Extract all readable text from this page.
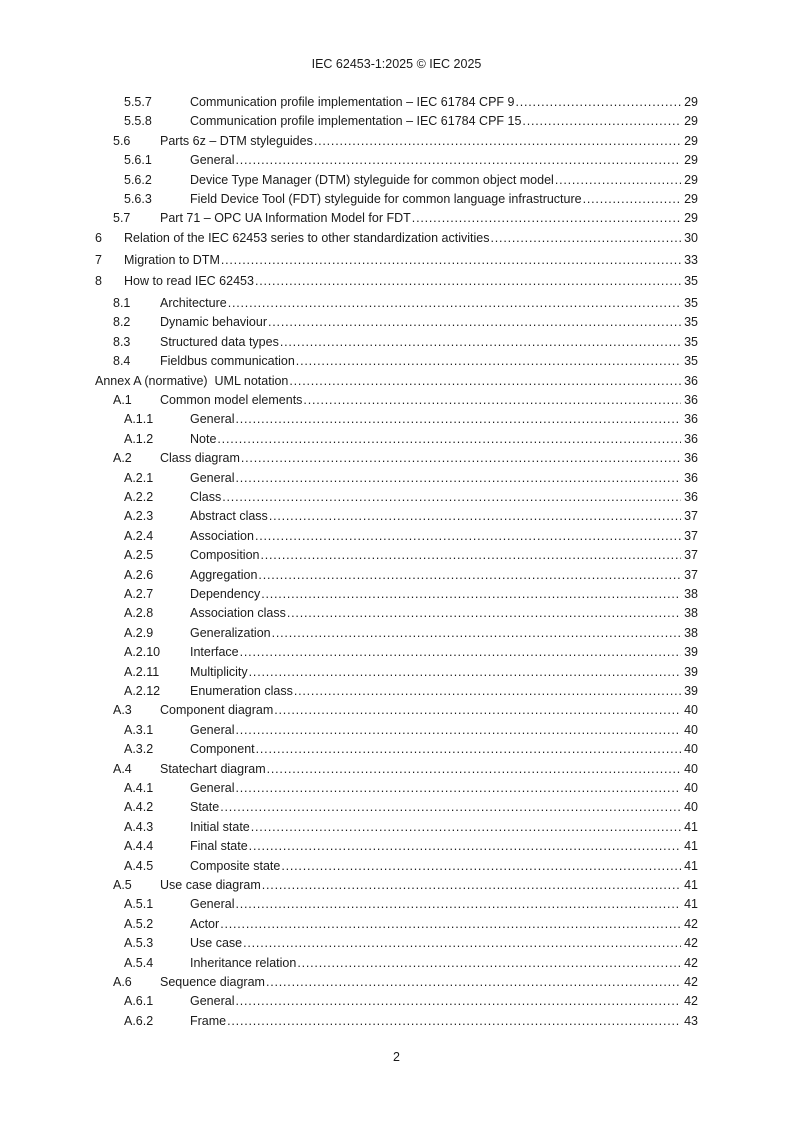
IEC 62453-1:2025 © IEC 2025
5.5.7	Communication profile implementation – IEC 61784 CPF 9 .....	29
5.5.8	Communication profile implementation – IEC 61784 CPF 15 .....	29
5.6 Parts 6z – DTM styleguides .....	29
5.6.1	General .....	29
5.6.2	Device Type Manager (DTM) styleguide for common object model .....	29
5.6.3	Field Device Tool (FDT) styleguide for common language infrastructure .....	29
5.7 Part 71 – OPC UA Information Model for FDT .....	29
6 Relation of the IEC 62453 series to other standardization activities .....	30
7 Migration to DTM .....	33
8 How to read IEC 62453 .....	35
8.1 Architecture .....	35
8.2 Dynamic behaviour .....	35
8.3 Structured data types .....	35
8.4 Fieldbus communication .....	35
Annex A (normative)  UML notation .....	36
A.1 Common model elements .....	36
A.1.1	General .....	36
A.1.2	Note .....	36
A.2 Class diagram .....	36
A.2.1	General .....	36
A.2.2	Class .....	36
A.2.3	Abstract class .....	37
A.2.4	Association .....	37
A.2.5	Composition .....	37
A.2.6	Aggregation .....	37
A.2.7	Dependency .....	38
A.2.8	Association class .....	38
A.2.9	Generalization .....	38
A.2.10 Interface .....	39
A.2.11 Multiplicity .....	39
A.2.12 Enumeration class .....	39
A.3 Component diagram .....	40
A.3.1	General .....	40
A.3.2	Component .....	40
A.4 Statechart diagram .....	40
A.4.1	General .....	40
A.4.2	State .....	40
A.4.3	Initial state .....	41
A.4.4	Final state .....	41
A.4.5	Composite state .....	41
A.5 Use case diagram .....	41
A.5.1	General .....	41
A.5.2	Actor .....	42
A.5.3	Use case .....	42
A.5.4	Inheritance relation .....	42
A.6 Sequence diagram .....	42
A.6.1	General .....	42
A.6.2	Frame .....	43
2
